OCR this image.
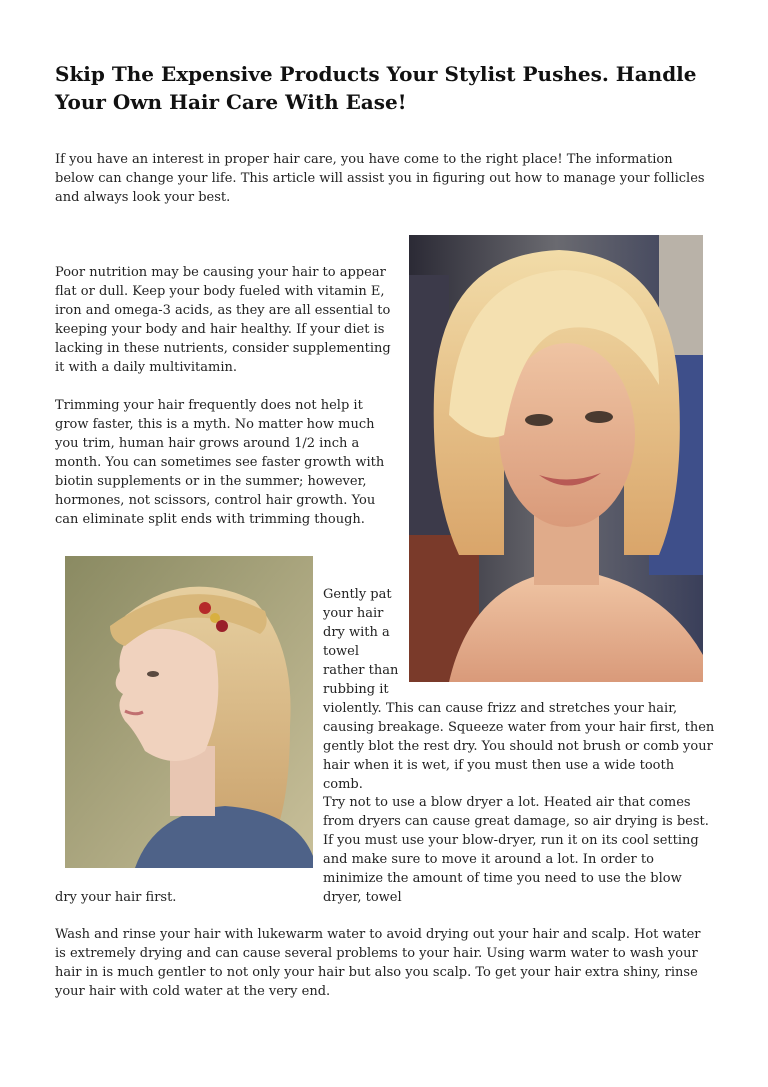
Skip The Expensive Products Your Stylist Pushes. Handle Your Own Hair Care With Ease!

If you have an interest in proper hair care, you have come to the right place! The information below can change your life. This article will assist you in figuring out how to manage your follicles and always look your best.

Poor nutrition may be causing your hair to appear flat or dull. Keep your body fueled with vitamin E, iron and omega-3 acids, as they are all essential to keeping your body and hair healthy. If your diet is lacking in these nutrients, consider supplementing it with a daily multivitamin.

Trimming your hair frequently does not help it grow faster, this is a myth. No matter how much you trim, human hair grows around 1/2 inch a month. You can sometimes see faster growth with biotin supplements or in the summer; however, hormones, not scissors, control hair growth. You can eliminate split ends with trimming though.

Gently pat your hair dry with a towel rather than rubbing it

violently. This can cause frizz and stretches your hair, causing breakage. Squeeze water from your hair first, then gently blot the rest dry. You should not brush or comb your hair when it is wet, if you must then use a wide tooth comb.

Try not to use a blow dryer a lot. Heated air that comes from dryers can cause great damage, so air drying is best. If you must use your blow-dryer, run it on its cool setting and make sure to move it around a lot. In order to minimize the amount of time you need to use the blow dryer, towel

dry your hair first.

Wash and rinse your hair with lukewarm water to avoid drying out your hair and scalp. Hot water is extremely drying and can cause several problems to your hair. Using warm water to wash your hair in is much gentler to not only your hair but also you scalp. To get your hair extra shiny, rinse your hair with cold water at the very end.
